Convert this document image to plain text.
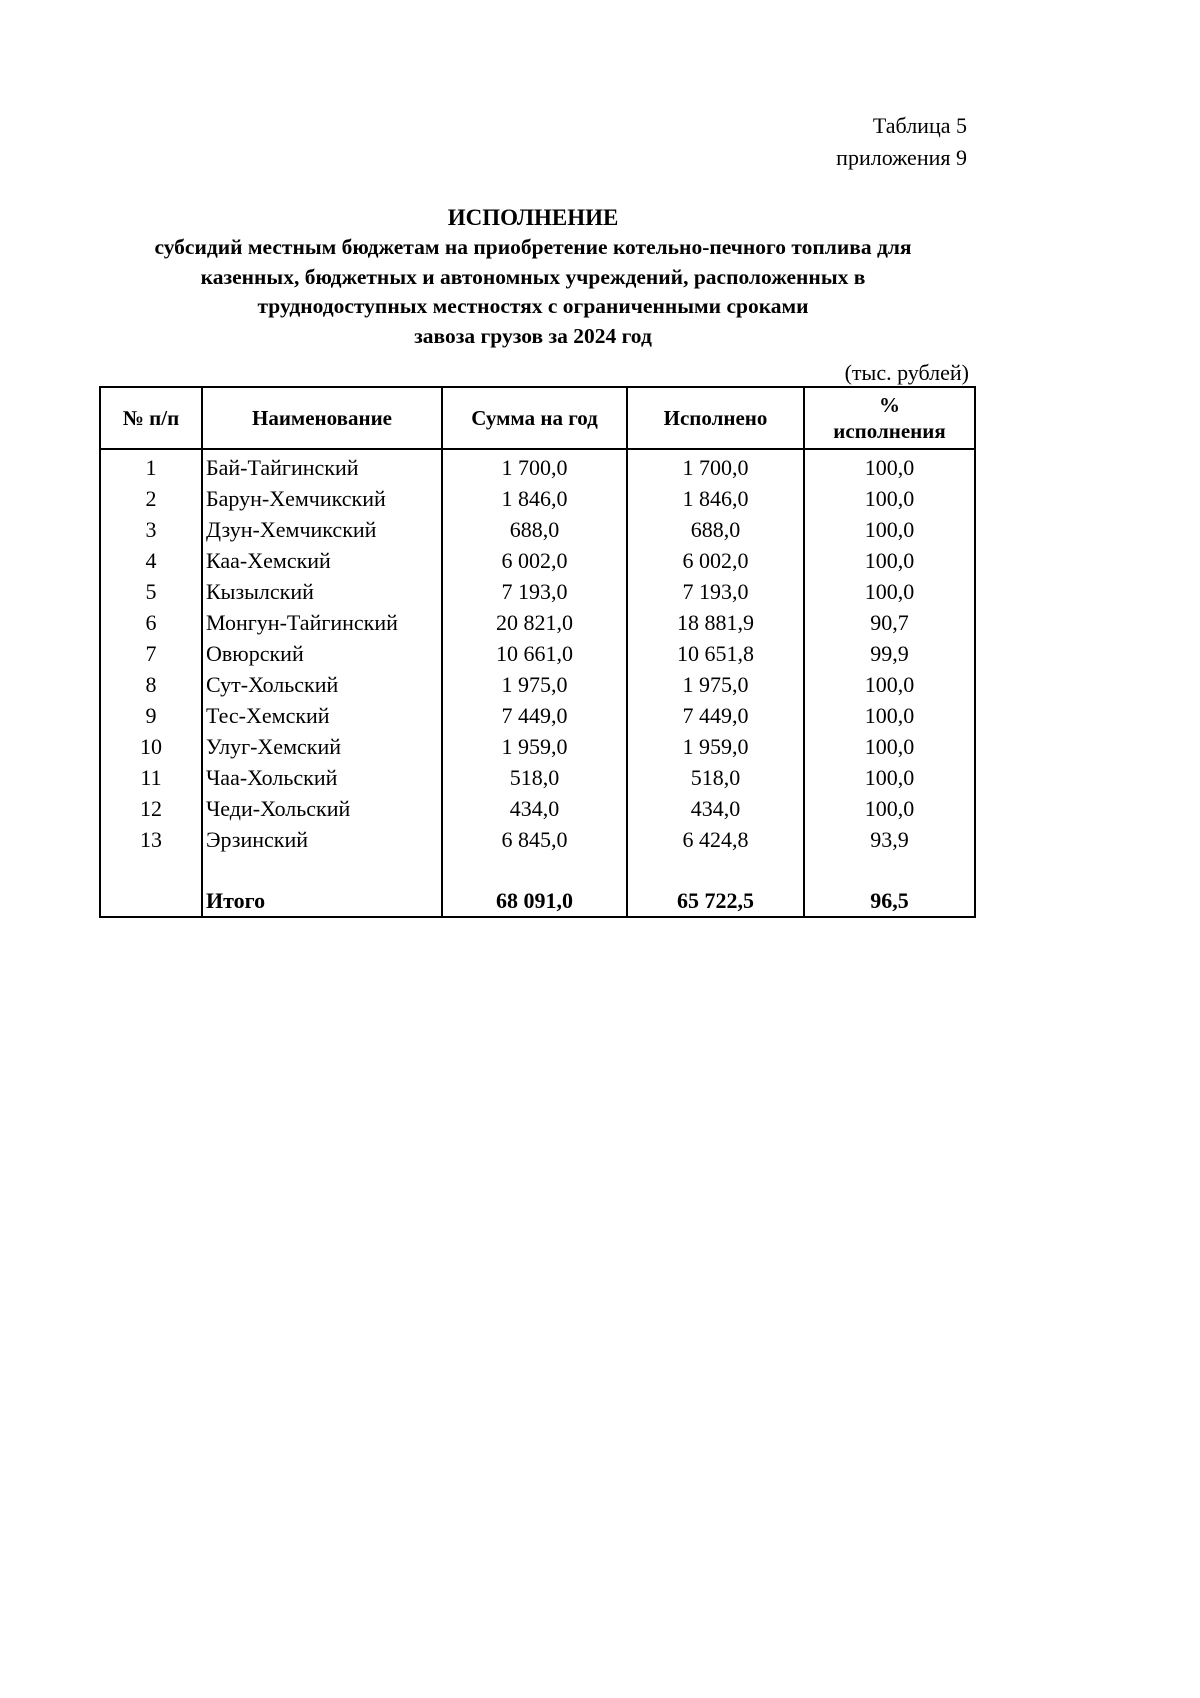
Таблица 5
приложения 9
ИСПОЛНЕНИЕ
субсидий местным бюджетам на приобретение котельно-печного топлива для
казенных, бюджетных и автономных учреждений, расположенных в
труднодоступных местностях с ограниченными сроками
завоза грузов за 2024 год
(тыс. рублей)
№ п/п	Наименование	Сумма на год	Исполнено	%
исполнения

1	Бай-Тайгинский	1 700,0	1 700,0	100,0
2	Барун-Хемчикский	1 846,0	1 846,0	100,0
3	Дзун-Хемчикский	688,0	688,0	100,0
4	Каа-Хемский	6 002,0	6 002,0	100,0
5	Кызылский	7 193,0	7 193,0	100,0
6	Монгун-Тайгинский	20 821,0	18 881,9	90,7
7	Овюрский	10 661,0	10 651,8	99,9
8	Сут-Хольский	1 975,0	1 975,0	100,0
9	Тес-Хемский	7 449,0	7 449,0	100,0
10	Улуг-Хемский	1 959,0	1 959,0	100,0
11	Чаа-Хольский	518,0	518,0	100,0
12	Чеди-Хольский	434,0	434,0	100,0
13	Эрзинский	6 845,0	6 424,8	93,9

	Итого	68 091,0	65 722,5	96,5
